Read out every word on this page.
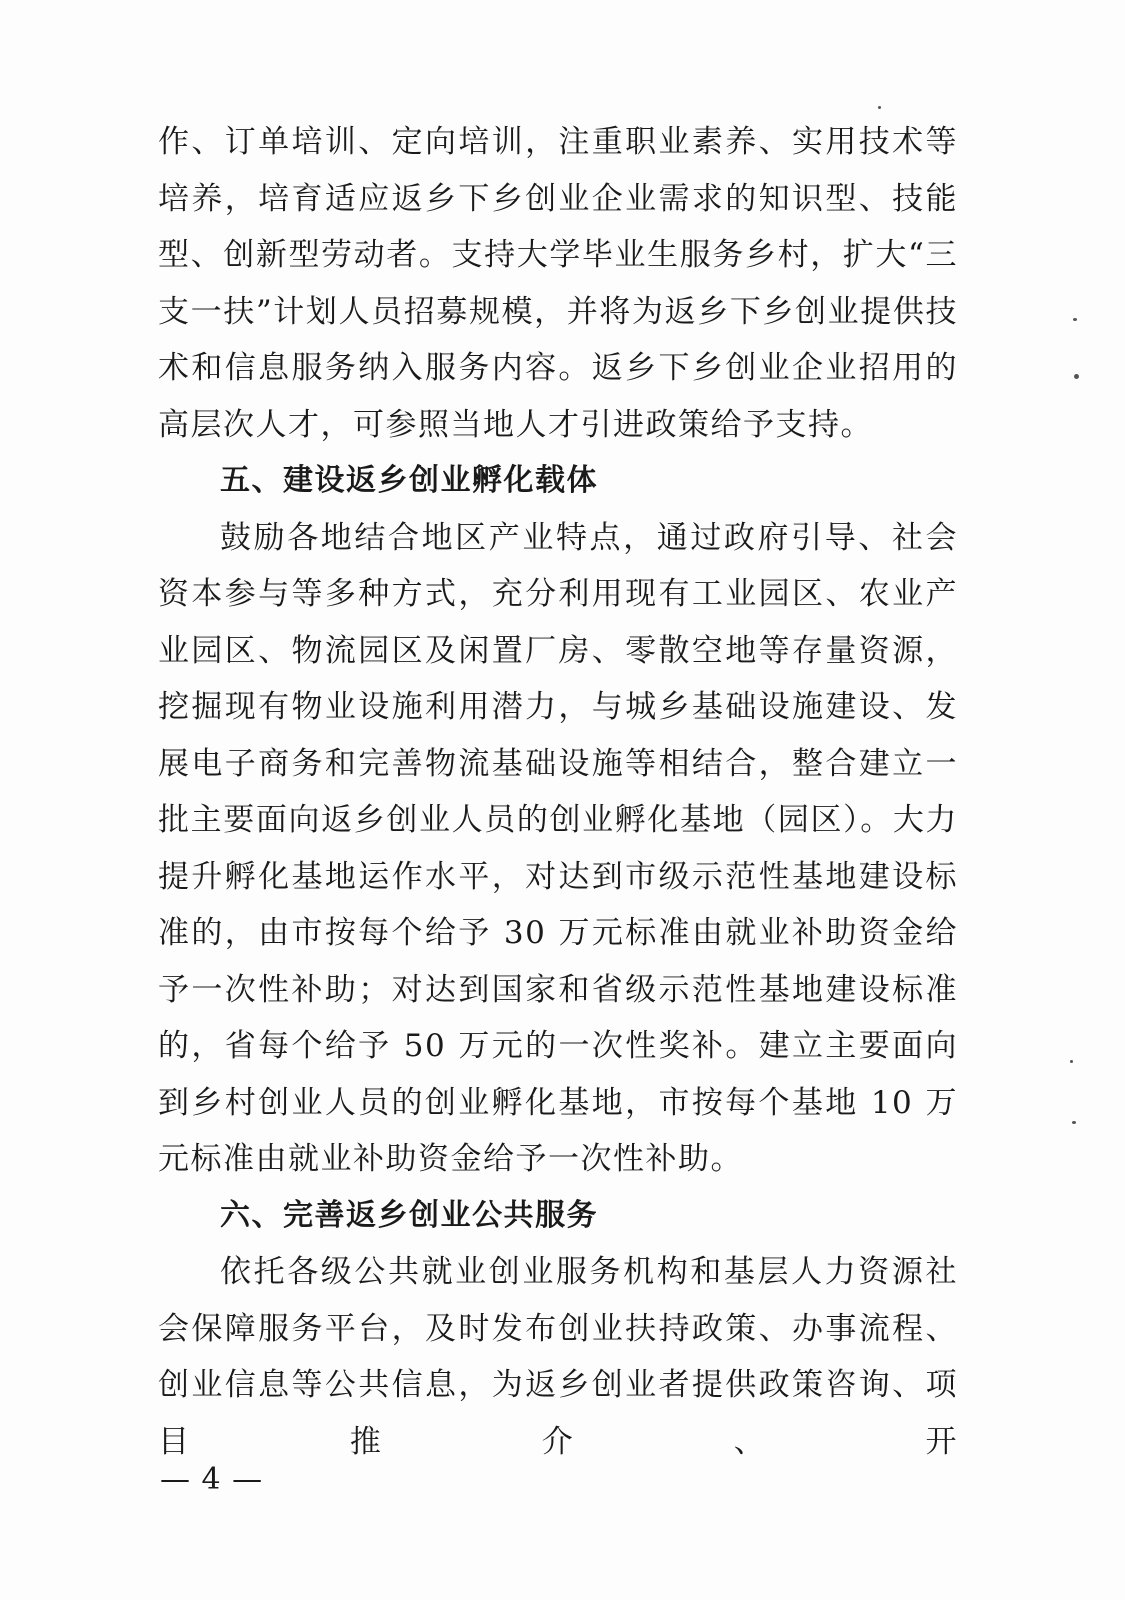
作、订单培训、定向培训，注重职业素养、实用技术等培养，培育适应返乡下乡创业企业需求的知识型、技能型、创新型劳动者。支持大学毕业生服务乡村，扩大“三支一扶”计划人员招募规模，并将为返乡下乡创业提供技术和信息服务纳入服务内容。返乡下乡创业企业招用的高层次人才，可参照当地人才引进政策给予支持。

五、建设返乡创业孵化载体

鼓励各地结合地区产业特点，通过政府引导、社会资本参与等多种方式，充分利用现有工业园区、农业产业园区、物流园区及闲置厂房、零散空地等存量资源，挖掘现有物业设施利用潜力，与城乡基础设施建设、发展电子商务和完善物流基础设施等相结合，整合建立一批主要面向返乡创业人员的创业孵化基地（园区）。大力提升孵化基地运作水平，对达到市级示范性基地建设标准的，由市按每个给予 30 万元标准由就业补助资金给予一次性补助；对达到国家和省级示范性基地建设标准的，省每个给予 50 万元的一次性奖补。建立主要面向到乡村创业人员的创业孵化基地，市按每个基地 10 万元标准由就业补助资金给予一次性补助。

六、完善返乡创业公共服务

依托各级公共就业创业服务机构和基层人力资源社会保障服务平台，及时发布创业扶持政策、办事流程、创业信息等公共信息，为返乡创业者提供政策咨询、项目推介、开

— 4 —
